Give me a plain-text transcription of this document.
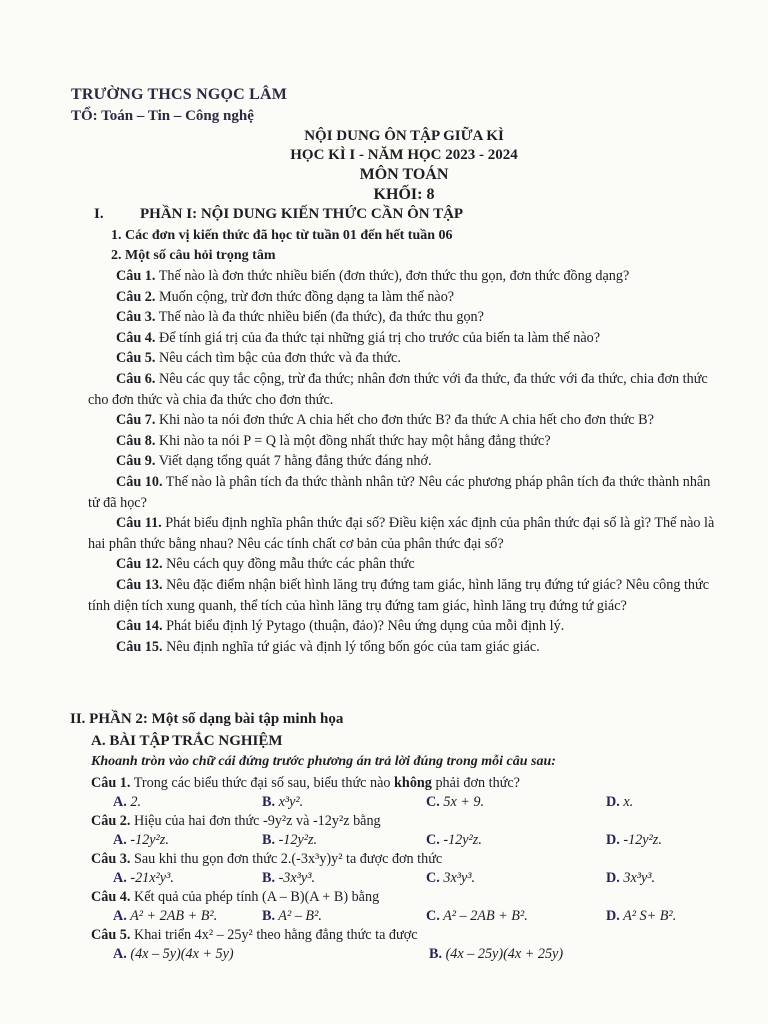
TRƯỜNG THCS NGỌC LÂM
TỔ: Toán – Tin – Công nghệ
NỘI DUNG ÔN TẬP GIỮA KÌ
HỌC KÌ I - NĂM HỌC 2023 - 2024
MÔN TOÁN
KHỐI: 8
I. PHẦN I: NỘI DUNG KIẾN THỨC CẦN ÔN TẬP
1. Các đơn vị kiến thức đã học từ tuần 01 đến hết tuần 06
2. Một số câu hỏi trọng tâm

Câu 1. Thế nào là đơn thức nhiều biến (đơn thức), đơn thức thu gọn, đơn thức đồng dạng?

Câu 2. Muốn cộng, trừ đơn thức đồng dạng ta làm thế nào?

Câu 3. Thế nào là đa thức nhiều biến (đa thức), đa thức thu gọn?

Câu 4. Để tính giá trị của đa thức tại những giá trị cho trước của biến ta làm thế nào?

Câu 5. Nêu cách tìm bậc của đơn thức và đa thức.

Câu 6. Nêu các quy tắc cộng, trừ đa thức; nhân đơn thức với đa thức, đa thức với đa thức, chia đơn thức cho đơn thức và chia đa thức cho đơn thức.

Câu 7. Khi nào ta nói đơn thức A chia hết cho đơn thức B? đa thức A chia hết cho đơn thức B?

Câu 8. Khi nào ta nói P = Q là một đồng nhất thức hay một hằng đẳng thức?

Câu 9. Viết dạng tổng quát 7 hằng đẳng thức đáng nhớ.

Câu 10. Thế nào là phân tích đa thức thành nhân tử? Nêu các phương pháp phân tích đa thức thành nhân tử đã học?

Câu 11. Phát biểu định nghĩa phân thức đại số? Điều kiện xác định của phân thức đại số là gì? Thế nào là hai phân thức bằng nhau? Nêu các tính chất cơ bản của phân thức đại số?

Câu 12. Nêu cách quy đồng mẫu thức các phân thức

Câu 13. Nêu đặc điểm nhận biết hình lăng trụ đứng tam giác, hình lăng trụ đứng tứ giác? Nêu công thức tính diện tích xung quanh, thể tích của hình lăng trụ đứng tam giác, hình lăng trụ đứng tứ giác?

Câu 14. Phát biểu định lý Pytago (thuận, đảo)? Nêu ứng dụng của mỗi định lý.

Câu 15. Nêu định nghĩa tứ giác và định lý tổng bốn góc của tam giác giác.

II. PHẦN 2: Một số dạng bài tập minh họa
A. BÀI TẬP TRẮC NGHIỆM
Khoanh tròn vào chữ cái đứng trước phương án trả lời đúng trong mỗi câu sau:

Câu 1. Trong các biểu thức đại số sau, biểu thức nào không phải đơn thức?

A. 2.	B. x³y².	C. 5x + 9.	D. x.

Câu 2. Hiệu của hai đơn thức -9y²z và -12y²z bằng

A. -12y²z.	B. -12y²z.	C. -12y²z.	D. -12y²z.

Câu 3. Sau khi thu gọn đơn thức 2.(-3x³y)y² ta được đơn thức

A. -21x²y³.	B. -3x³y³.	C. 3x³y³.	D. 3x³y³.

Câu 4. Kết quả của phép tính (A – B)(A + B) bằng

A. A² + 2AB + B².	B. A² – B².	C. A² – 2AB + B².	D. A² S+ B².

Câu 5. Khai triển 4x² – 25y² theo hằng đẳng thức ta được

A. (4x – 5y)(4x + 5y)	B. (4x – 25y)(4x + 25y)
